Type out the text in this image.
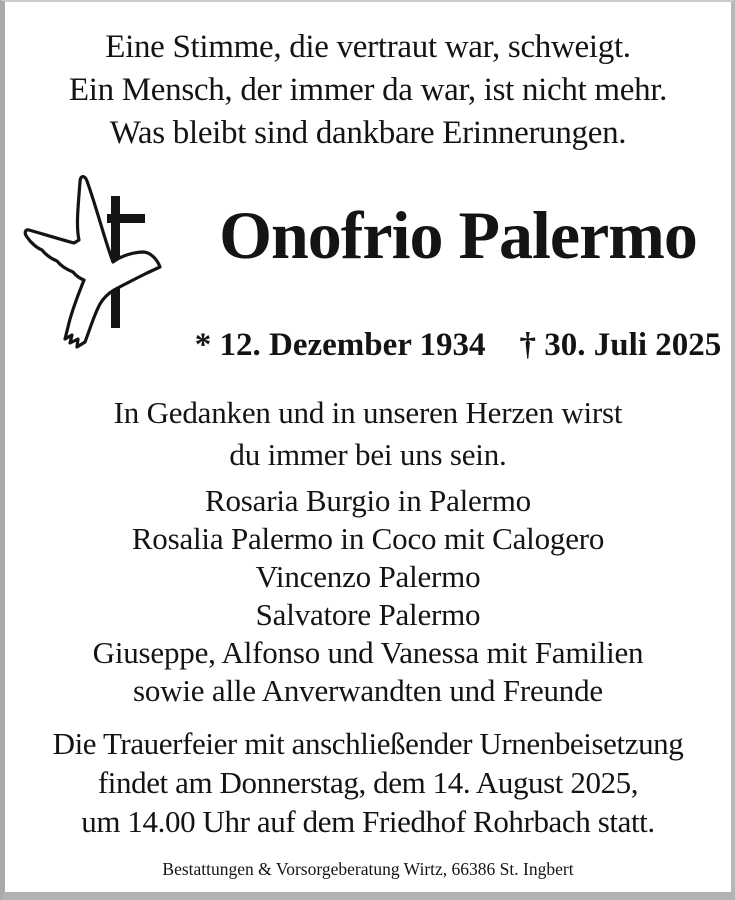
Eine Stimme, die vertraut war, schweigt.
Ein Mensch, der immer da war, ist nicht mehr.
Was bleibt sind dankbare Erinnerungen.
Onofrio Palermo
* 12. Dezember 1934 † 30. Juli 2025
In Gedanken und in unseren Herzen wirst
du immer bei uns sein.
Rosaria Burgio in Palermo
Rosalia Palermo in Coco mit Calogero
Vincenzo Palermo
Salvatore Palermo
Giuseppe, Alfonso und Vanessa mit Familien
sowie alle Anverwandten und Freunde
Die Trauerfeier mit anschließender Urnenbeisetzung
findet am Donnerstag, dem 14. August 2025,
um 14.00 Uhr auf dem Friedhof Rohrbach statt.
Bestattungen & Vorsorgeberatung Wirtz, 66386 St. Ingbert
